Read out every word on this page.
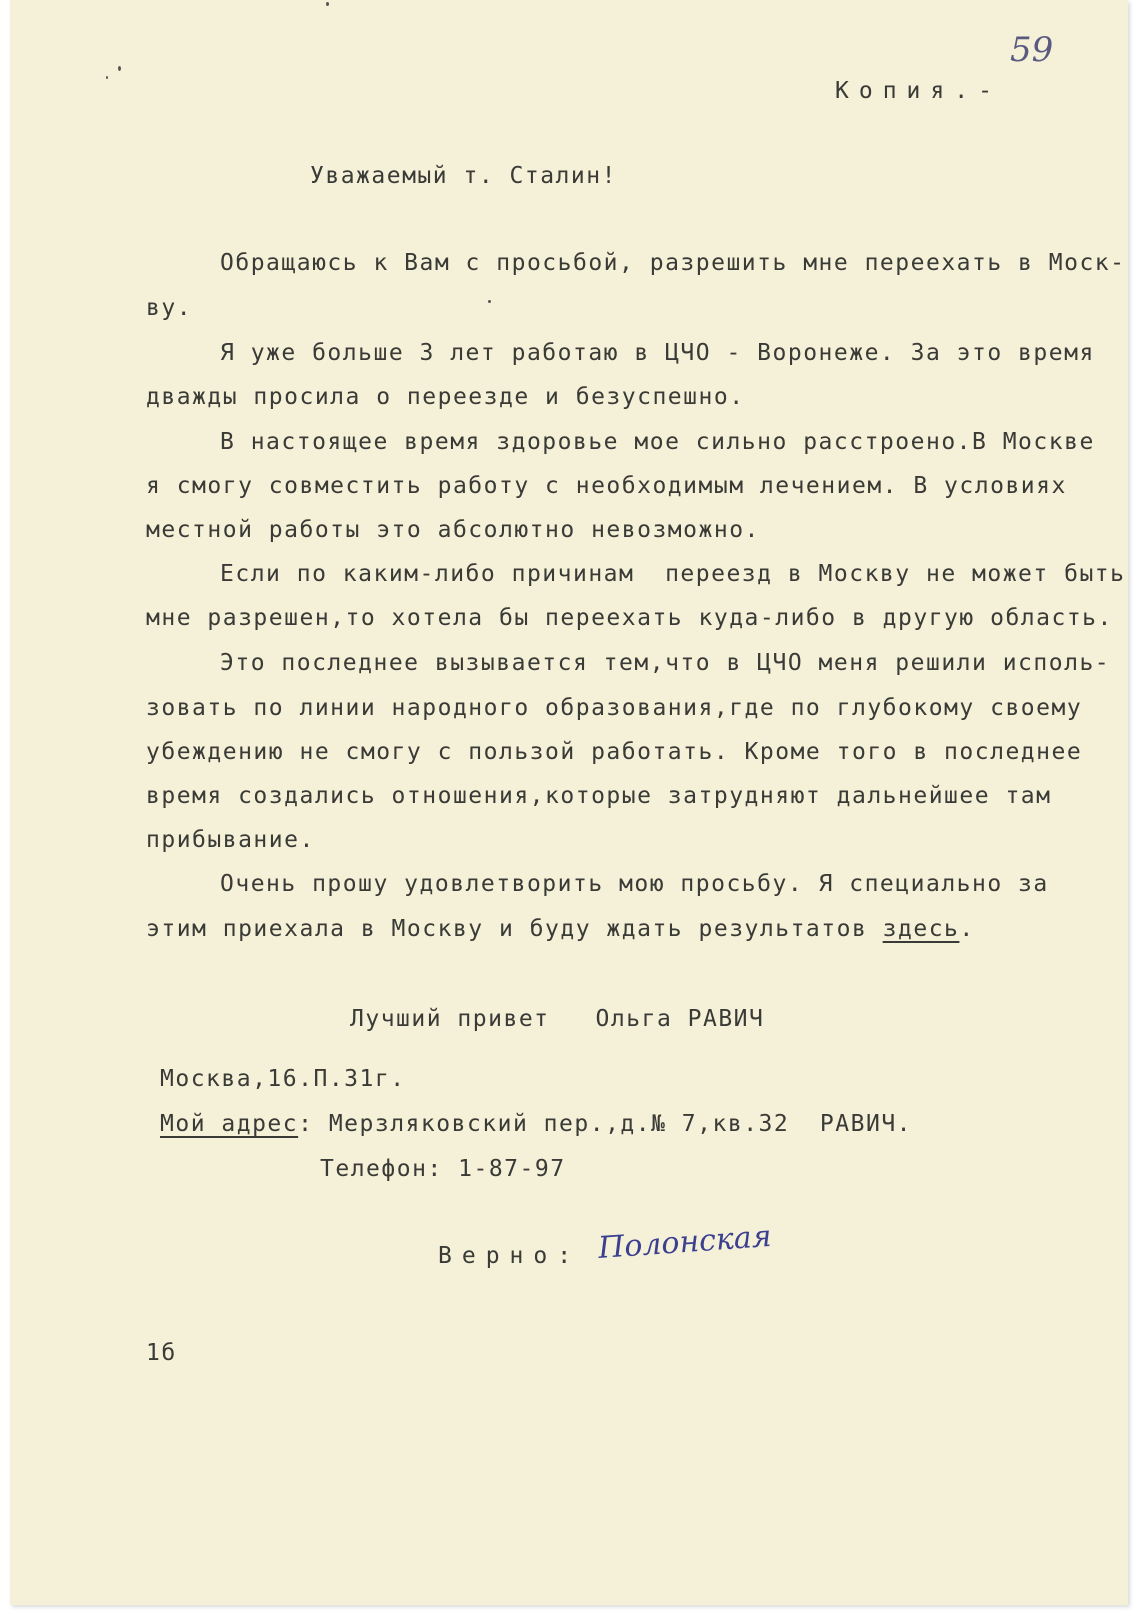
59
Копия.-
Уважаемый т. Сталин!
Обращаюсь к Вам с просьбой, разрешить мне переехать в Моск-
ву.
Я уже больше 3 лет работаю в ЦЧО - Воронеже. За это время
дважды просила о переезде и безуспешно.
В настоящее время здоровье мое сильно расстроено.В Москве
я смогу совместить работу с необходимым лечением. В условиях
местной работы это абсолютно невозможно.
Если по каким-либо причинам  переезд в Москву не может быть
мне разрешен,то хотела бы переехать куда-либо в другую область.
Это последнее вызывается тем,что в ЦЧО меня решили исполь-
зовать по линии народного образования,где по глубокому своему
убеждению не смогу с пользой работать. Кроме того в последнее
время создались отношения,которые затрудняют дальнейшее там
прибывание.
Очень прошу удовлетворить мою просьбу. Я специально за
этим приехала в Москву и буду ждать результатов здесь.
Лучший привет   Ольга РАВИЧ
Москва,16.П.31г.
Мой адрес: Мерзляковский пер.,д.№ 7,кв.32  РАВИЧ.
Телефон: 1-87-97
Верно: Полонская
1б
